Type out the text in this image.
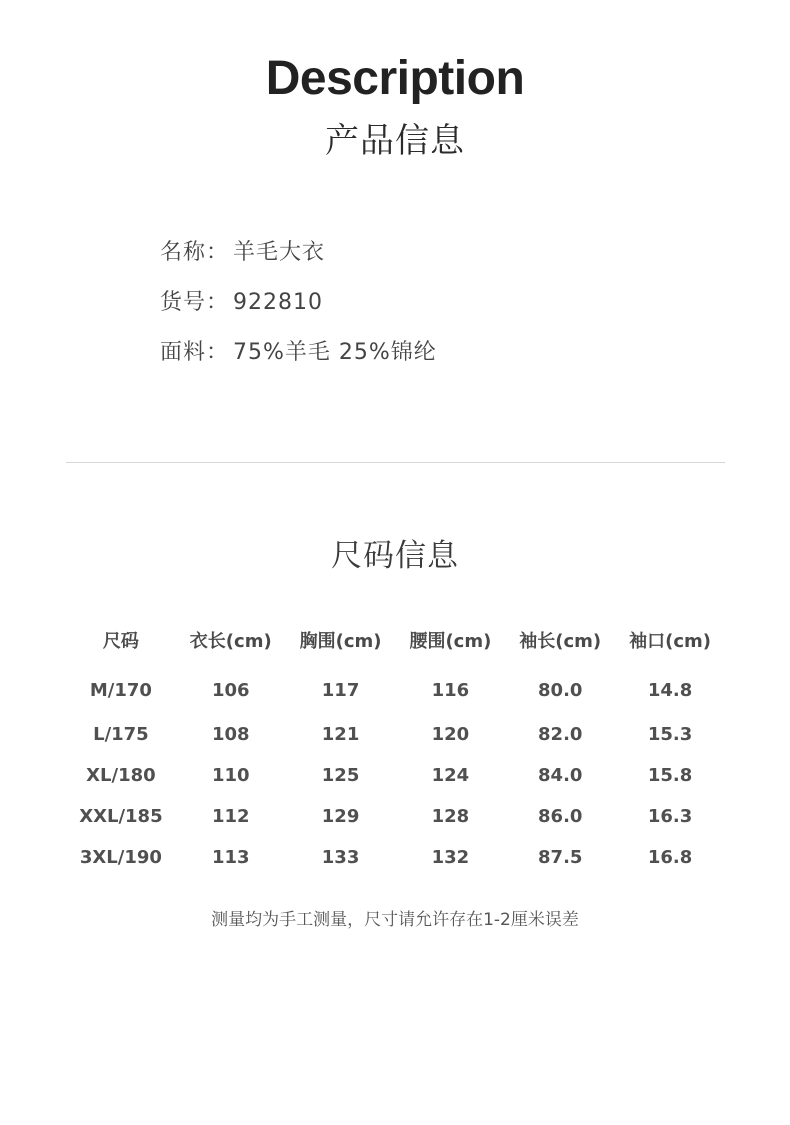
Description
产品信息
名称： 羊毛大衣
货号： 922810
面料： 75%羊毛 25%锦纶
尺码信息
尺码	衣长(cm)	胸围(cm)	腰围(cm)	袖长(cm)	袖口(cm)
M/170	106	117	116	80.0	14.8
L/175	108	121	120	82.0	15.3
XL/180	110	125	124	84.0	15.8
XXL/185	112	129	128	86.0	16.3
3XL/190	113	133	132	87.5	16.8
测量均为手工测量，尺寸请允许存在1-2厘米误差
